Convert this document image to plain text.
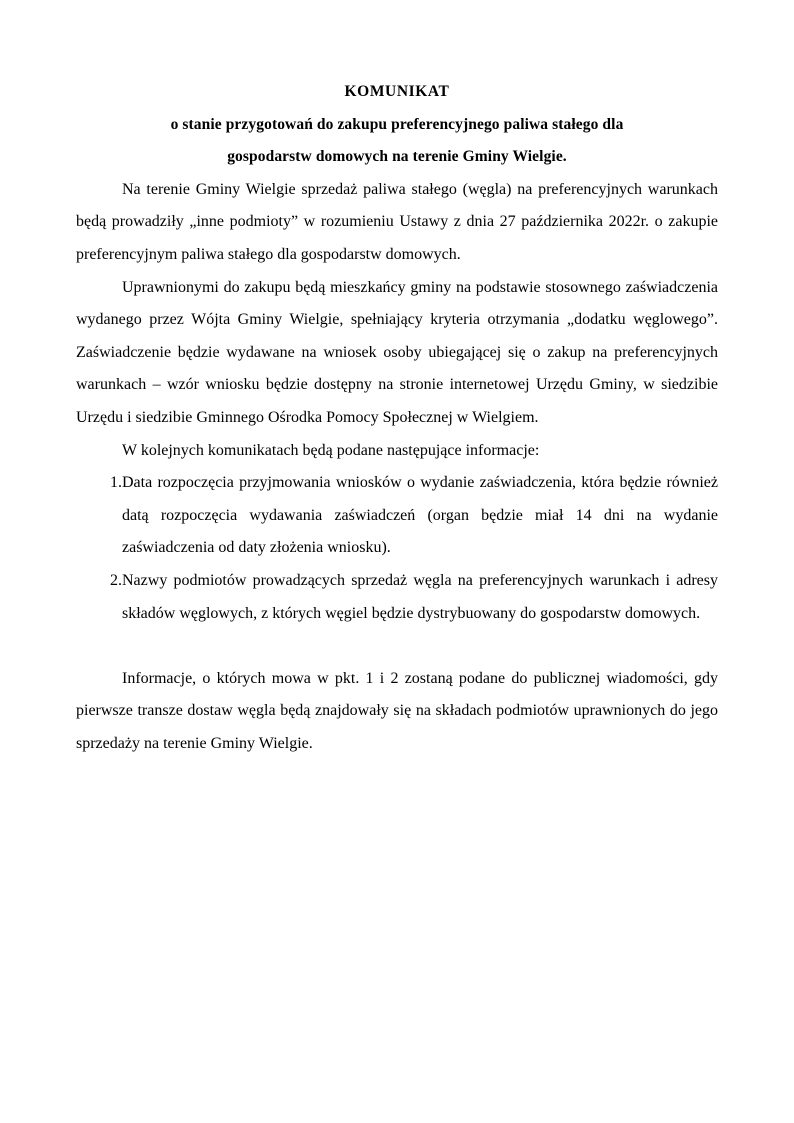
KOMUNIKAT
o stanie przygotowań do zakupu preferencyjnego paliwa stałego dla
gospodarstw domowych na terenie Gminy Wielgie.

Na terenie Gminy Wielgie sprzedaż paliwa stałego (węgla) na preferencyjnych warunkach będą prowadziły „inne podmioty” w rozumieniu Ustawy z dnia 27 października 2022r. o zakupie preferencyjnym paliwa stałego dla gospodarstw domowych.

Uprawnionymi do zakupu będą mieszkańcy gminy na podstawie stosownego zaświadczenia wydanego przez Wójta Gminy Wielgie, spełniający kryteria otrzymania „dodatku węglowego”. Zaświadczenie będzie wydawane na wniosek osoby ubiegającej się o zakup na preferencyjnych warunkach – wzór wniosku będzie dostępny na stronie internetowej Urzędu Gminy, w siedzibie Urzędu i siedzibie Gminnego Ośrodka Pomocy Społecznej w Wielgiem.

W kolejnych komunikatach będą podane następujące informacje:

1. Data rozpoczęcia przyjmowania wniosków o wydanie zaświadczenia, która będzie również datą rozpoczęcia wydawania zaświadczeń (organ będzie miał 14 dni na wydanie zaświadczenia od daty złożenia wniosku).
2. Nazwy podmiotów prowadzących sprzedaż węgla na preferencyjnych warunkach i adresy składów węglowych, z których węgiel będzie dystrybuowany do gospodarstw domowych.

Informacje, o których mowa w pkt. 1 i 2 zostaną podane do publicznej wiadomości, gdy pierwsze transze dostaw węgla będą znajdowały się na składach podmiotów uprawnionych do jego sprzedaży na terenie Gminy Wielgie.
